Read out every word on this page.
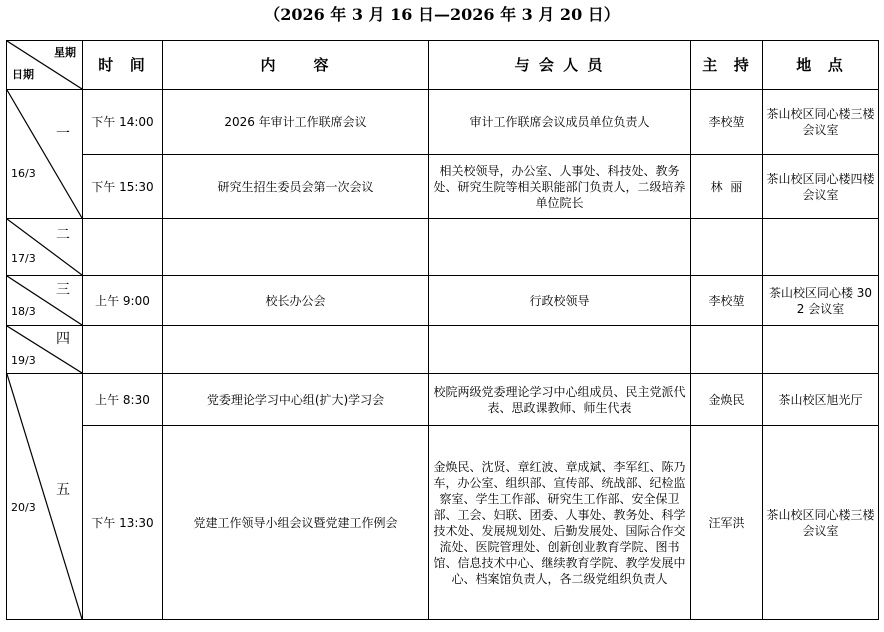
（2026 年 3 月 16 日—2026 年 3 月 20 日）
星期
日期	时  间	内     容	与 会 人 员	主  持	地  点

一
16/3	下午 14:00	2026 年审计工作联席会议	审计工作联席会议成员单位负责人	李校堃	茶山校区同心楼三楼会议室
	下午 15:30	研究生招生委员会第一次会议	相关校领导，办公室、人事处、科技处、教务处、研究生院等相关职能部门负责人，二级培养单位院长	林  丽	茶山校区同心楼四楼会议室

二
17/3					

三
18/3	上午 9:00	校长办公会	行政校领导	李校堃	茶山校区同心楼 302 会议室

四
19/3					

五
20/3	上午 8:30	党委理论学习中心组(扩大)学习会	校院两级党委理论学习中心组成员、民主党派代表、思政课教师、师生代表	金焕民	茶山校区旭光厅
	下午 13:30	党建工作领导小组会议暨党建工作例会	金焕民、沈贤、章红波、章成斌、李军红、陈乃车，办公室、组织部、宣传部、统战部、纪检监察室、学生工作部、研究生工作部、安全保卫部、工会、妇联、团委、人事处、教务处、科学技术处、发展规划处、后勤发展处、国际合作交流处、医院管理处、创新创业教育学院、图书馆、信息技术中心、继续教育学院、教学发展中心、档案馆负责人，各二级党组织负责人	汪军洪	茶山校区同心楼三楼会议室
